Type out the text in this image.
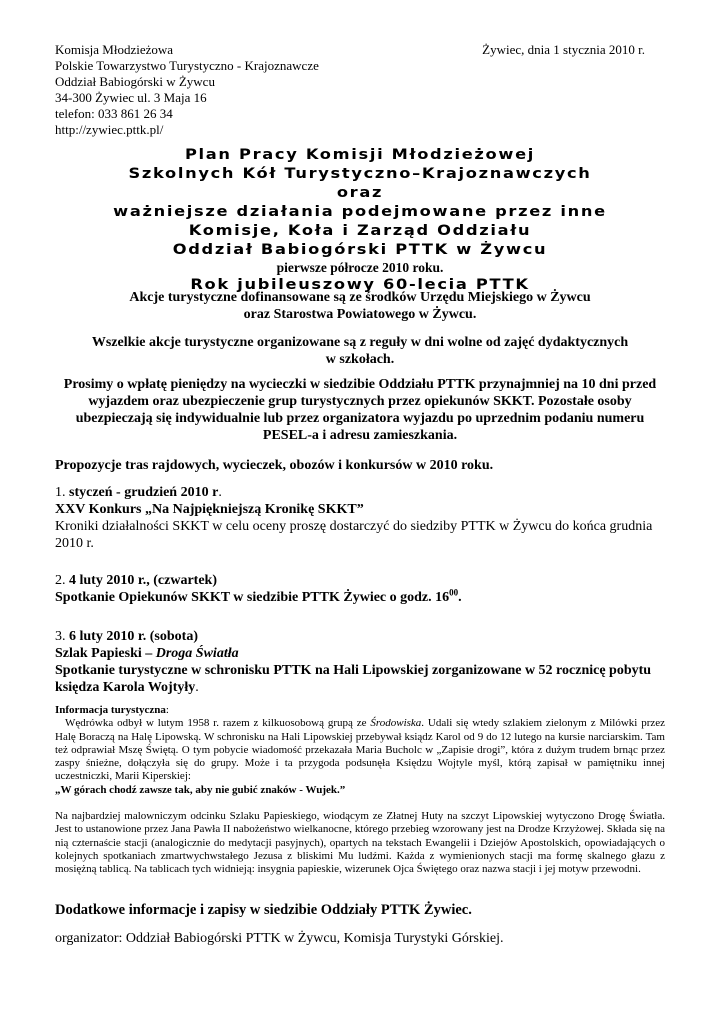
Komisja Młodzieżowa
Polskie Towarzystwo Turystyczno - Krajoznawcze
Oddział Babiogórski w Żywcu
34-300 Żywiec ul. 3 Maja 16
telefon: 033 861 26 34
http://zywiec.pttk.pl/
Żywiec, dnia 1 stycznia 2010 r.
Plan Pracy Komisji Młodzieżowej
Szkolnych Kół Turystyczno–Krajoznawczych
oraz
ważniejsze działania podejmowane przez inne
Komisje, Koła i Zarząd Oddziału
Oddział Babiogórski PTTK w Żywcu
pierwsze półrocze 2010 roku.
Rok jubileuszowy 60-lecia PTTK
Akcje turystyczne dofinansowane są ze środków Urzędu Miejskiego w Żywcu
oraz Starostwa Powiatowego w Żywcu.
Wszelkie akcje turystyczne organizowane są z reguły w dni wolne od zajęć dydaktycznych
w szkołach.
Prosimy o wpłatę pieniędzy na wycieczki w siedzibie Oddziału PTTK przynajmniej na 10 dni przed wyjazdem oraz ubezpieczenie grup turystycznych przez opiekunów SKKT. Pozostałe osoby ubezpieczają się indywidualnie lub przez organizatora wyjazdu po uprzednim podaniu numeru PESEL-a i adresu zamieszkania.
Propozycje tras rajdowych, wycieczek, obozów i konkursów w 2010 roku.
1. styczeń - grudzień 2010 r.
XXV Konkurs „Na Najpiękniejszą Kronikę SKKT”
Kroniki działalności SKKT w celu oceny proszę dostarczyć do siedziby PTTK w Żywcu do końca grudnia 2010 r.
2. 4 luty 2010 r., (czwartek)
Spotkanie Opiekunów SKKT w siedzibie PTTK Żywiec o godz. $16^{00}$.
3. 6 luty 2010 r. (sobota)
Szlak Papieski – Droga Światła
Spotkanie turystyczne w schronisku PTTK na Hali Lipowskiej zorganizowane w 52 rocznicę pobytu księdza Karola Wojtyły.

Informacja turystyczna:

Wędrówka odbył w lutym 1958 r. razem z kilkuosobową grupą ze Środowiska. Udali się wtedy szlakiem zielonym z Milówki przez Halę Boraczą na Halę Lipowską. W schronisku na Hali Lipowskiej przebywał ksiądz Karol od 9 do 12 lutego na kursie narciarskim. Tam też odprawiał Mszę Świętą. O tym pobycie wiadomość przekazała Maria Bucholc w „Zapisie drogi”, która z dużym trudem brnąc przez zaspy śnieżne, dołączyła się do grupy. Może i ta przygoda podsunęła Księdzu Wojtyle myśl, którą zapisał w pamiętniku innej uczestniczki, Marii Kiperskiej:

„W górach chodź zawsze tak, aby nie gubić znaków - Wujek.”

Na najbardziej malowniczym odcinku Szlaku Papieskiego, wiodącym ze Złatnej Huty na szczyt Lipowskiej wytyczono Drogę Światła. Jest to ustanowione przez Jana Pawła II nabożeństwo wielkanocne, którego przebieg wzorowany jest na Drodze Krzyżowej. Składa się na nią czternaście stacji (analogicznie do medytacji pasyjnych), opartych na tekstach Ewangelii i Dziejów Apostolskich, opowiadających o kolejnych spotkaniach zmartwychwstałego Jezusa z bliskimi Mu ludźmi. Każda z wymienionych stacji ma formę skalnego głazu z mosiężną tablicą. Na tablicach tych widnieją: insygnia papieskie, wizerunek Ojca Świętego oraz nazwa stacji i jej motyw przewodni.

Dodatkowe informacje i zapisy w siedzibie Oddziały PTTK Żywiec.
organizator: Oddział Babiogórski PTTK w Żywcu, Komisja Turystyki Górskiej.
